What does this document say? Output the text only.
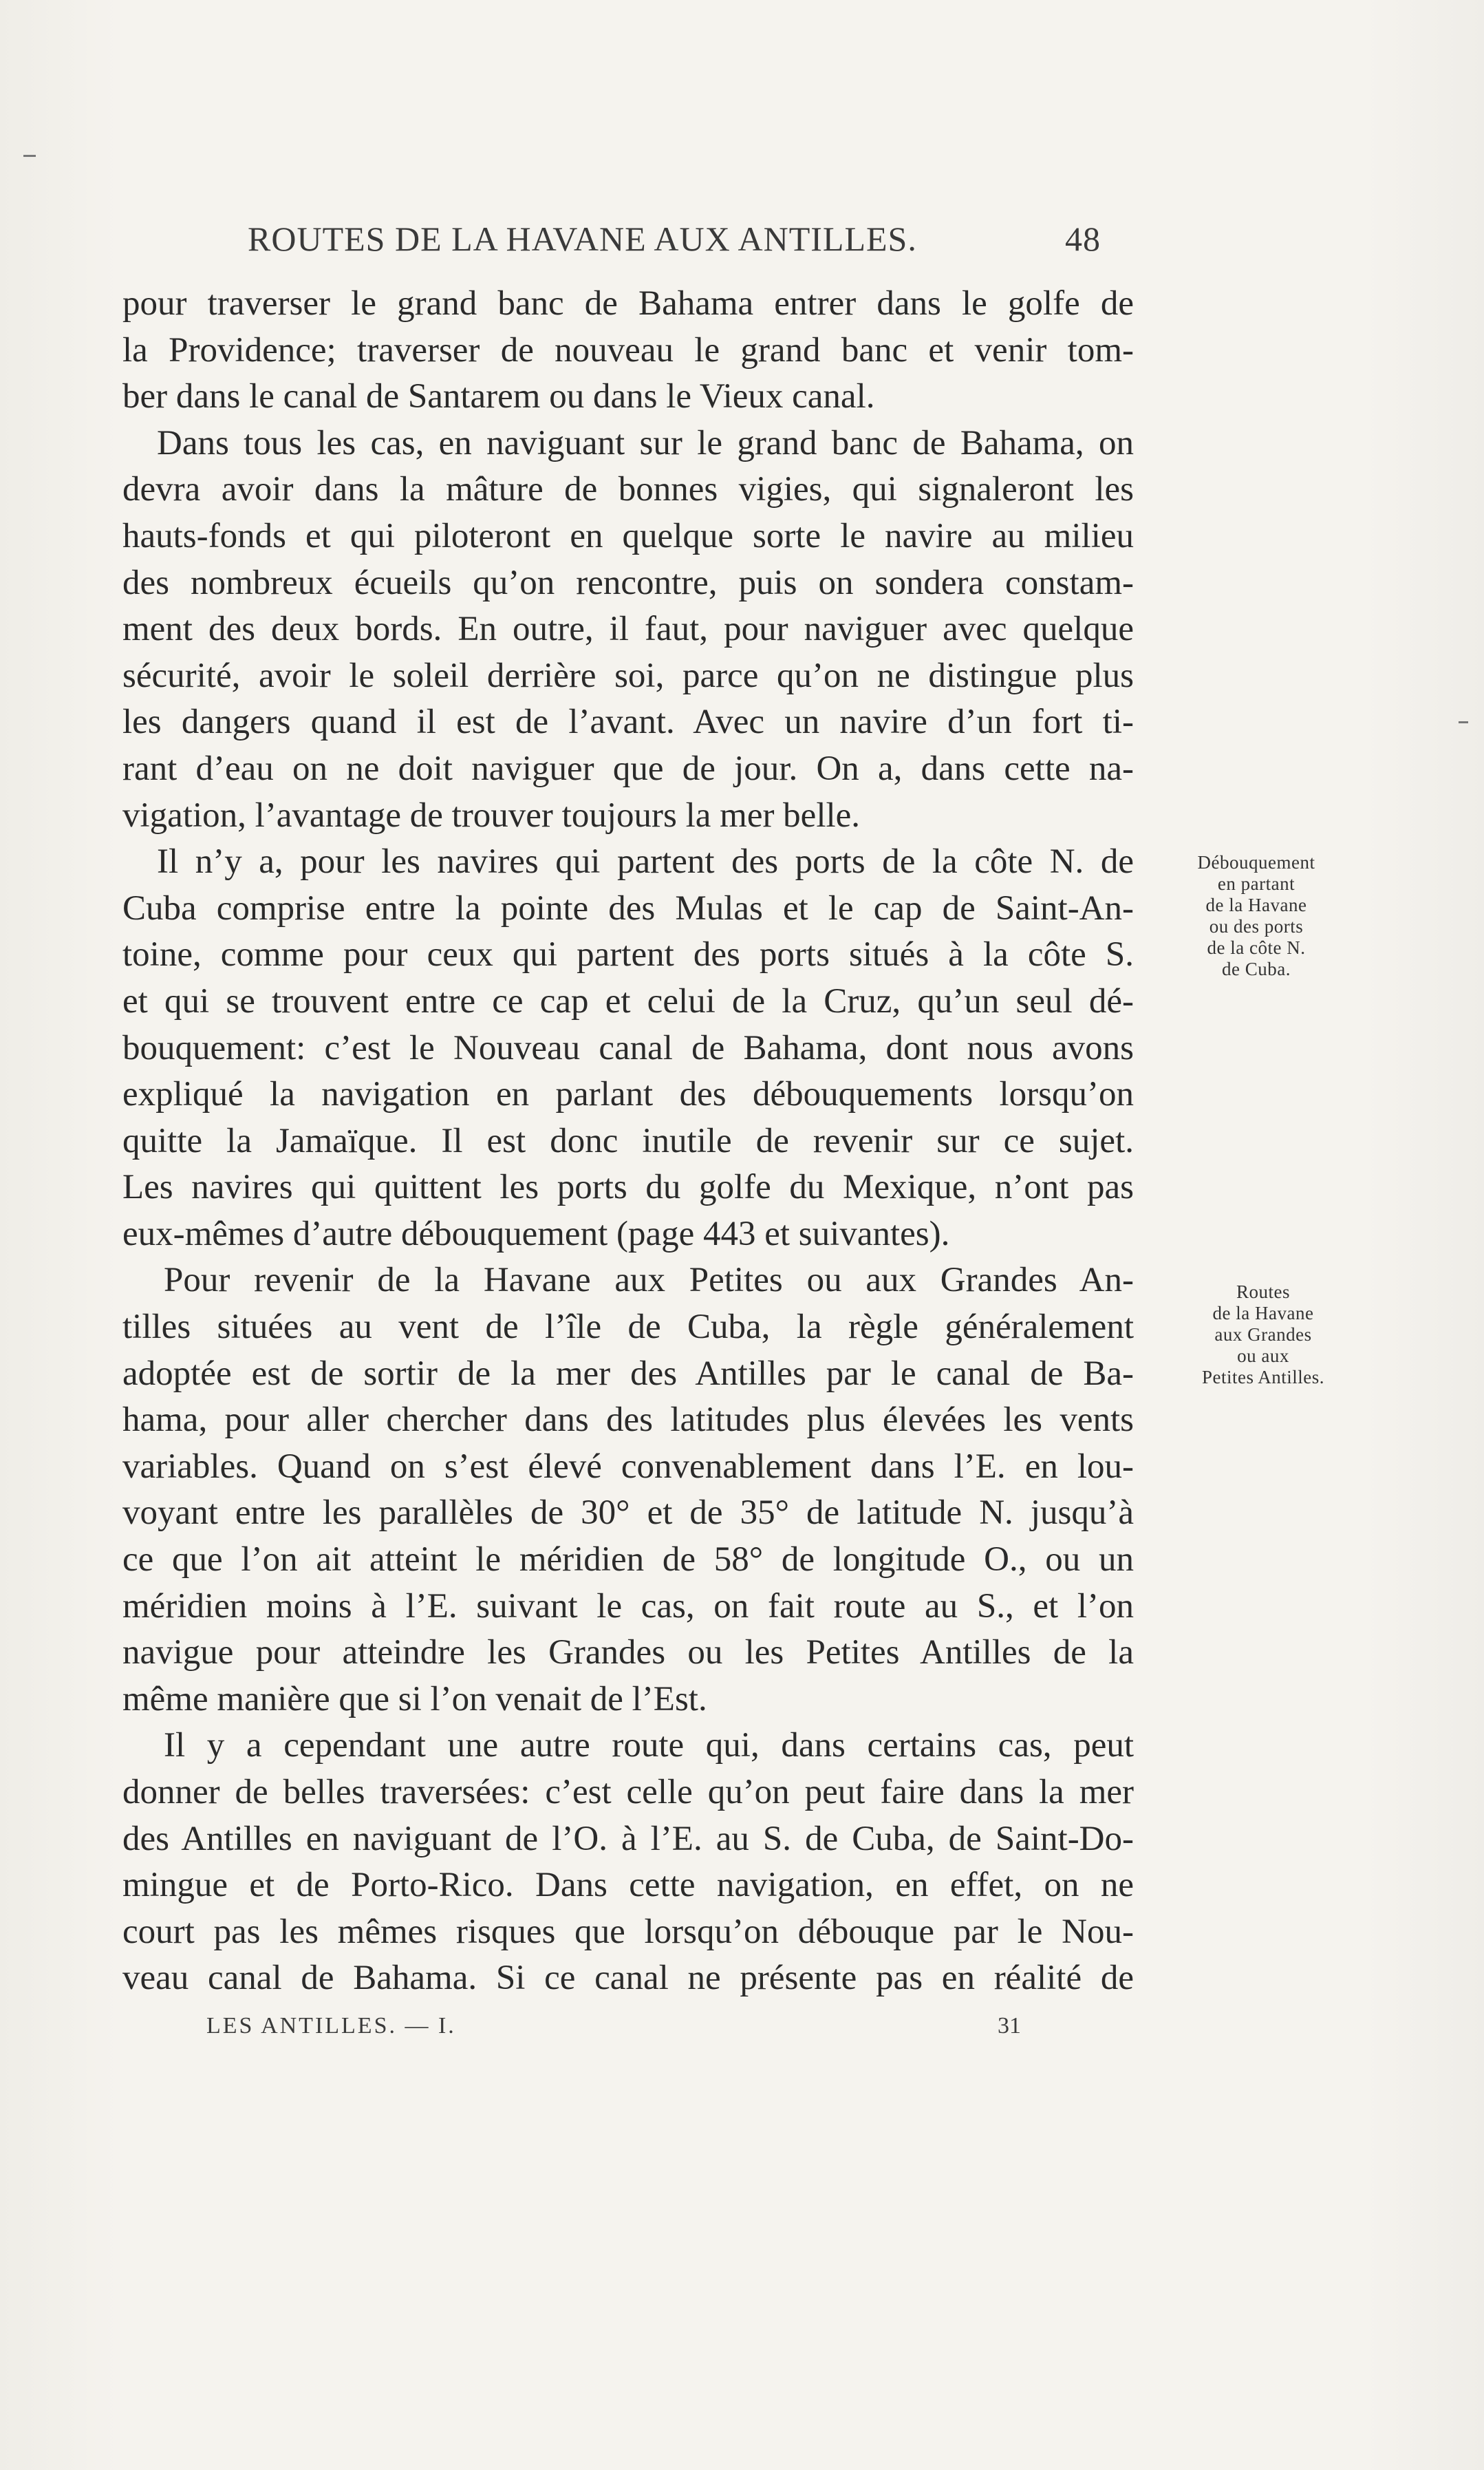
ROUTES DE LA HAVANE AUX ANTILLES.	48
pour traverser le grand banc de Bahama entrer dans le golfe de
la Providence; traverser de nouveau le grand banc et venir tom-
ber dans le canal de Santarem ou dans le Vieux canal.
Dans tous les cas, en naviguant sur le grand banc de Bahama, on
devra avoir dans la mâture de bonnes vigies, qui signaleront les
hauts-fonds et qui piloteront en quelque sorte le navire au milieu
des nombreux écueils qu’on rencontre, puis on sondera constam-
ment des deux bords. En outre, il faut, pour naviguer avec quelque
sécurité, avoir le soleil derrière soi, parce qu’on ne distingue plus
les dangers quand il est de l’avant. Avec un navire d’un fort ti-
rant d’eau on ne doit naviguer que de jour. On a, dans cette na-
vigation, l’avantage de trouver toujours la mer belle.
Il n’y a, pour les navires qui partent des ports de la côte N. de
Cuba comprise entre la pointe des Mulas et le cap de Saint-An-
toine, comme pour ceux qui partent des ports situés à la côte S.
et qui se trouvent entre ce cap et celui de la Cruz, qu’un seul dé-
bouquement: c’est le Nouveau canal de Bahama, dont nous avons
expliqué la navigation en parlant des débouquements lorsqu’on
quitte la Jamaïque. Il est donc inutile de revenir sur ce sujet.
Les navires qui quittent les ports du golfe du Mexique, n’ont pas
eux-mêmes d’autre débouquement (page 443 et suivantes).
Pour revenir de la Havane aux Petites ou aux Grandes An-
tilles situées au vent de l’île de Cuba, la règle généralement
adoptée est de sortir de la mer des Antilles par le canal de Ba-
hama, pour aller chercher dans des latitudes plus élevées les vents
variables. Quand on s’est élevé convenablement dans l’E. en lou-
voyant entre les parallèles de 30° et de 35° de latitude N. jusqu’à
ce que l’on ait atteint le méridien de 58° de longitude O., ou un
méridien moins à l’E. suivant le cas, on fait route au S., et l’on
navigue pour atteindre les Grandes ou les Petites Antilles de la
même manière que si l’on venait de l’Est.
Il y a cependant une autre route qui, dans certains cas, peut
donner de belles traversées: c’est celle qu’on peut faire dans la mer
des Antilles en naviguant de l’O. à l’E. au S. de Cuba, de Saint-Do-
mingue et de Porto-Rico. Dans cette navigation, en effet, on ne
court pas les mêmes risques que lorsqu’on débouque par le Nou-
veau canal de Bahama. Si ce canal ne présente pas en réalité de
Débouquement
en partant
de la Havane
ou des ports
de la côte N.
de Cuba.
Routes
de la Havane
aux Grandes
ou aux
Petites Antilles.
LES ANTILLES. — I.	31
